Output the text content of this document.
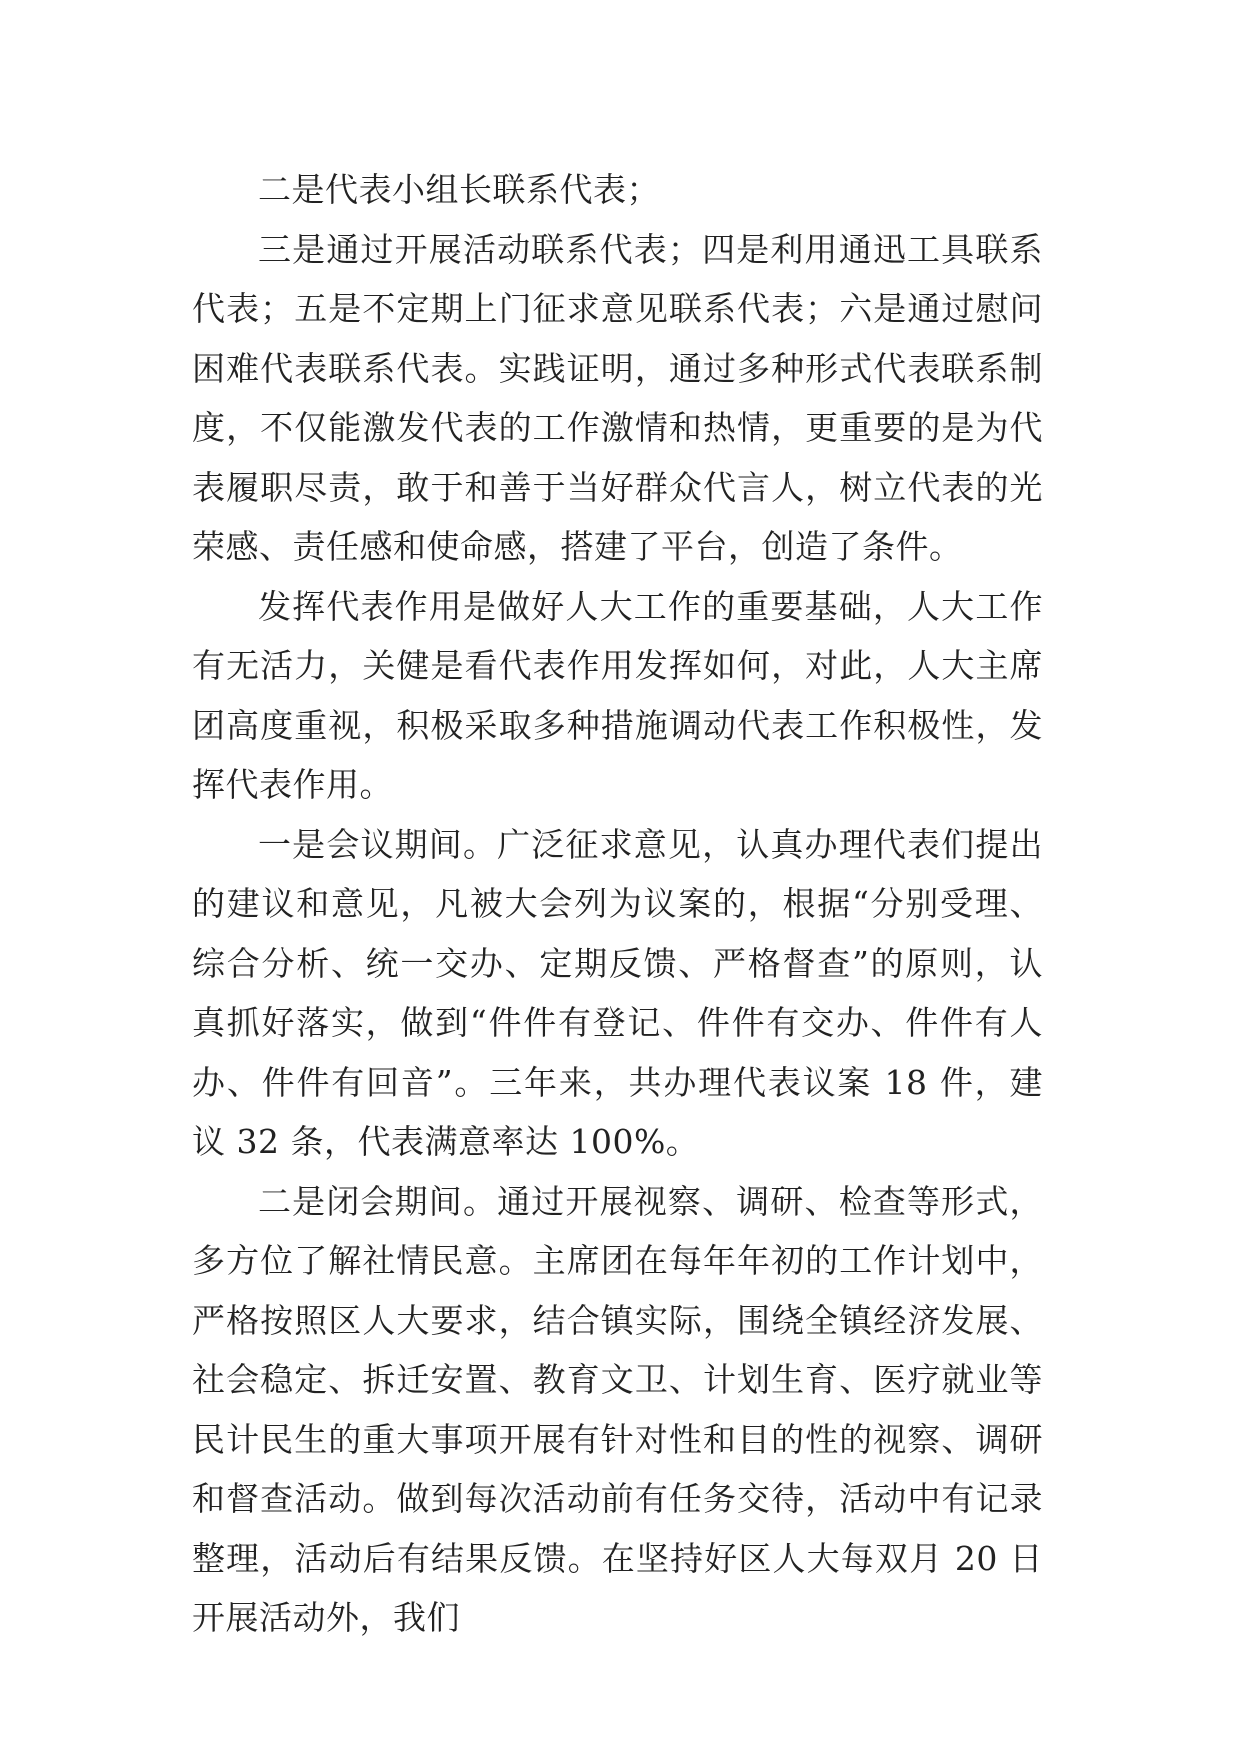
二是代表小组长联系代表；

三是通过开展活动联系代表；四是利用通迅工具联系代表；五是不定期上门征求意见联系代表；六是通过慰问困难代表联系代表。实践证明，通过多种形式代表联系制度，不仅能激发代表的工作激情和热情，更重要的是为代表履职尽责，敢于和善于当好群众代言人，树立代表的光荣感、责任感和使命感，搭建了平台，创造了条件。

发挥代表作用是做好人大工作的重要基础，人大工作有无活力，关健是看代表作用发挥如何，对此，人大主席团高度重视，积极采取多种措施调动代表工作积极性，发挥代表作用。

一是会议期间。广泛征求意见，认真办理代表们提出的建议和意见，凡被大会列为议案的，根据“分别受理、综合分析、统一交办、定期反馈、严格督查”的原则，认真抓好落实，做到“件件有登记、件件有交办、件件有人办、件件有回音”。三年来，共办理代表议案 18 件，建议 32 条，代表满意率达 100%。

二是闭会期间。通过开展视察、调研、检查等形式，多方位了解社情民意。主席团在每年年初的工作计划中，严格按照区人大要求，结合镇实际，围绕全镇经济发展、社会稳定、拆迁安置、教育文卫、计划生育、医疗就业等民计民生的重大事项开展有针对性和目的性的视察、调研和督查活动。做到每次活动前有任务交待，活动中有记录整理，活动后有结果反馈。在坚持好区人大每双月 20 日开展活动外，我们
